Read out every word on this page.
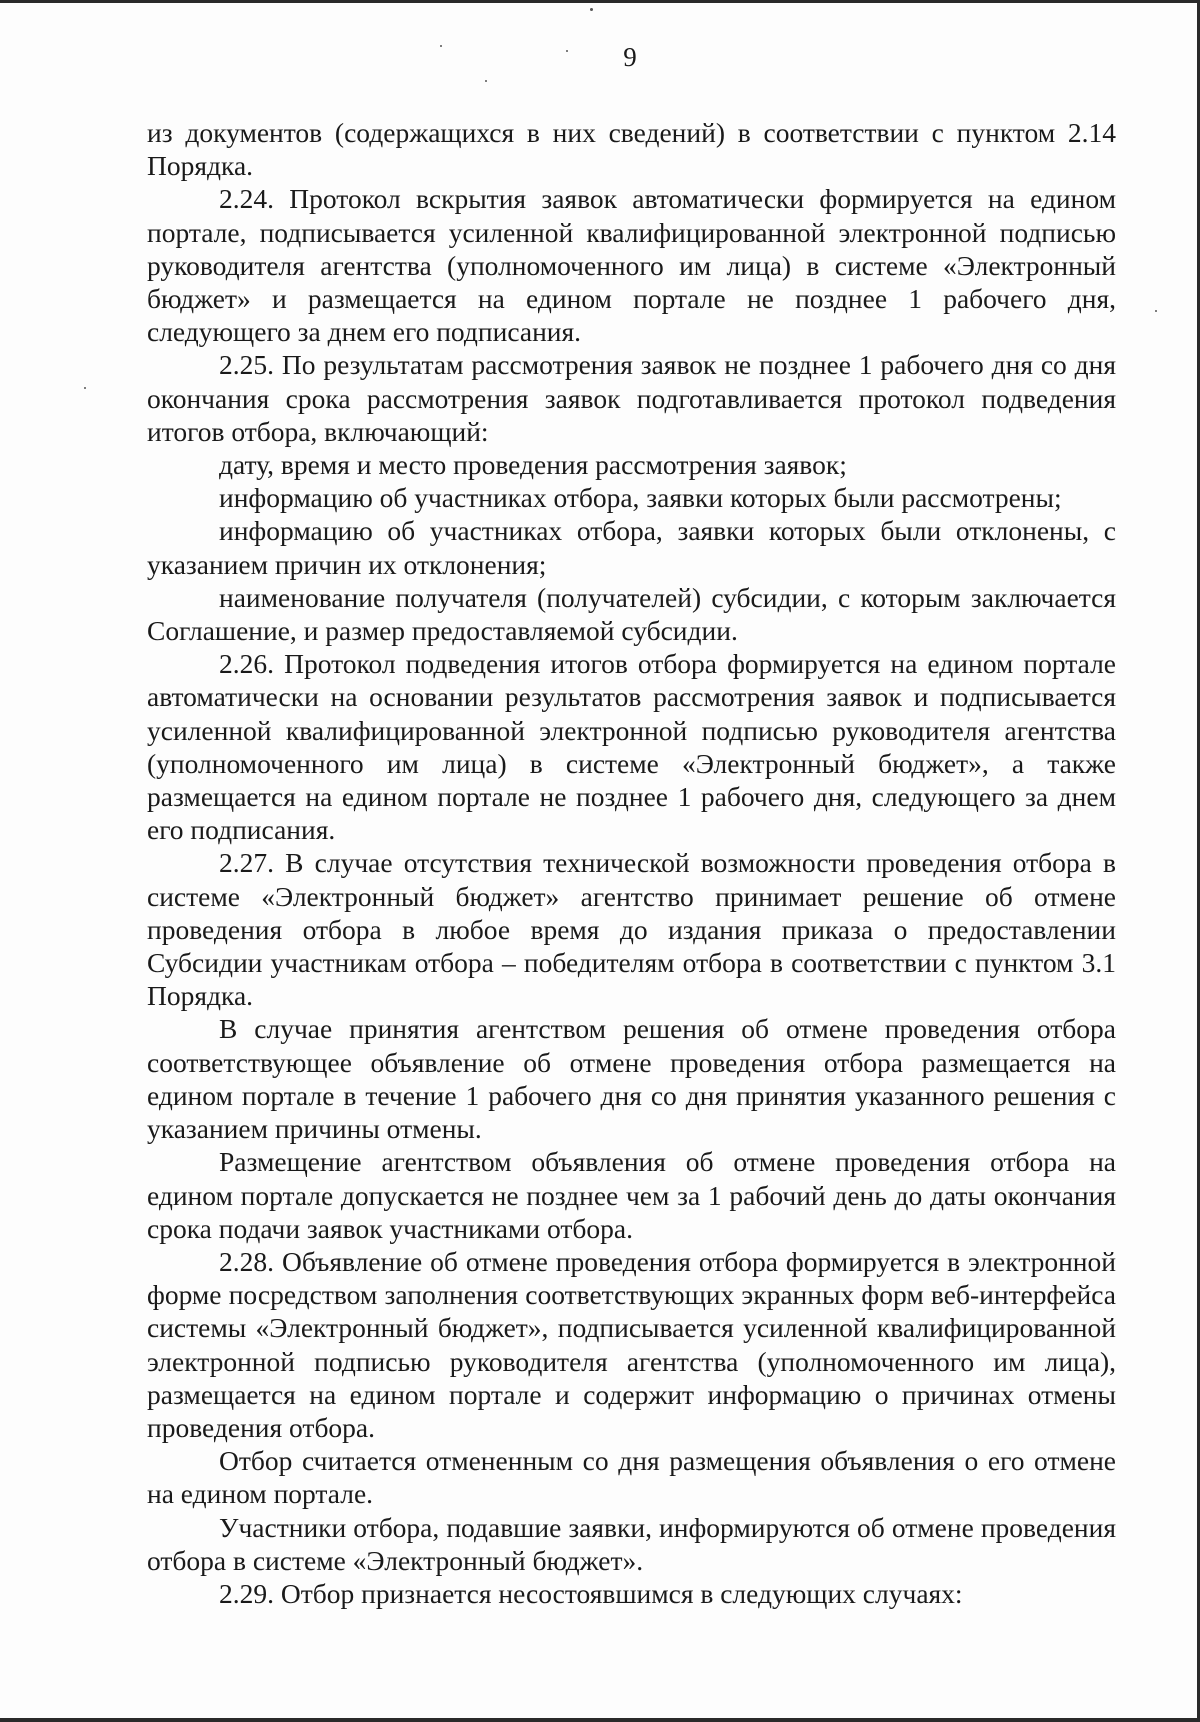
9

из документов (содержащихся в них сведений) в соответствии с пунктом 2.14 Порядка.

2.24. Протокол вскрытия заявок автоматически формируется на едином портале, подписывается усиленной квалифицированной электронной подписью руководителя агентства (уполномоченного им лица) в системе «Электронный бюджет» и размещается на едином портале не позднее 1 рабочего дня, следующего за днем его подписания.

2.25. По результатам рассмотрения заявок не позднее 1 рабочего дня со дня окончания срока рассмотрения заявок подготавливается протокол подведения итогов отбора, включающий:

дату, время и место проведения рассмотрения заявок;

информацию об участниках отбора, заявки которых были рассмотрены;

информацию об участниках отбора, заявки которых были отклонены, с указанием причин их отклонения;

наименование получателя (получателей) субсидии, с которым заключается Соглашение, и размер предоставляемой субсидии.

2.26. Протокол подведения итогов отбора формируется на едином портале автоматически на основании результатов рассмотрения заявок и подписывается усиленной квалифицированной электронной подписью руководителя агентства (уполномоченного им лица) в системе «Электронный бюджет», а также размещается на едином портале не позднее 1 рабочего дня, следующего за днем его подписания.

2.27. В случае отсутствия технической возможности проведения отбора в системе «Электронный бюджет» агентство принимает решение об отмене проведения отбора в любое время до издания приказа о предоставлении Субсидии участникам отбора – победителям отбора в соответствии с пунктом 3.1 Порядка.

В случае принятия агентством решения об отмене проведения отбора соответствующее объявление об отмене проведения отбора размещается на едином портале в течение 1 рабочего дня со дня принятия указанного решения с указанием причины отмены.

Размещение агентством объявления об отмене проведения отбора на едином портале допускается не позднее чем за 1 рабочий день до даты окончания срока подачи заявок участниками отбора.

2.28. Объявление об отмене проведения отбора формируется в электронной форме посредством заполнения соответствующих экранных форм веб-интерфейса системы «Электронный бюджет», подписывается усиленной квалифицированной электронной подписью руководителя агентства (уполномоченного им лица), размещается на едином портале и содержит информацию о причинах отмены проведения отбора.

Отбор считается отмененным со дня размещения объявления о его отмене на едином портале.

Участники отбора, подавшие заявки, информируются об отмене проведения отбора в системе «Электронный бюджет».

2.29. Отбор признается несостоявшимся в следующих случаях:
